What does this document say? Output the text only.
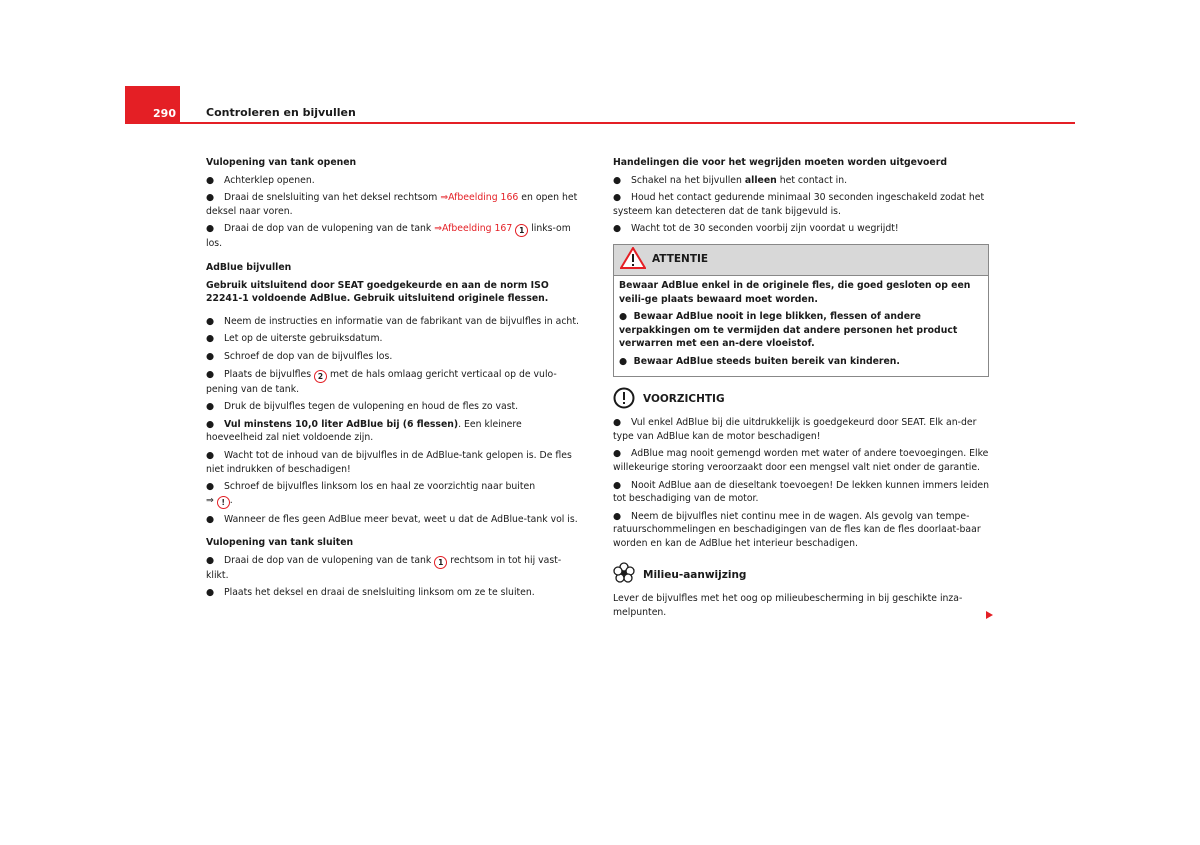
290	Controleren en bijvullen
Vulopening van tank openen
● Achterklep openen.
● Draai de snelsluiting van het deksel rechtsom ⇒Afbeelding 166 en open het deksel naar voren.
● Draai de dop van de vulopening van de tank ⇒Afbeelding 167 1 links-om los.
AdBlue bijvullen

Gebruik uitsluitend door SEAT goedgekeurde en aan de norm ISO 22241-1 voldoende AdBlue. Gebruik uitsluitend originele flessen.

● Neem de instructies en informatie van de fabrikant van de bijvulfles in acht.
● Let op de uiterste gebruiksdatum.
● Schroef de dop van de bijvulfles los.
● Plaats de bijvulfles 2 met de hals omlaag gericht verticaal op de vulo-pening van de tank.
● Druk de bijvulfles tegen de vulopening en houd de fles zo vast.
● Vul minstens 10,0 liter AdBlue bij (6 flessen). Een kleinere hoeveelheid zal niet voldoende zijn.
● Wacht tot de inhoud van de bijvulfles in de AdBlue-tank gelopen is. De fles niet indrukken of beschadigen!
● Schroef de bijvulfles linksom los en haal ze voorzichtig naar buiten
⇒ ! .
● Wanneer de fles geen AdBlue meer bevat, weet u dat de AdBlue-tank vol is.
Vulopening van tank sluiten
● Draai de dop van de vulopening van de tank 1 rechtsom in tot hij vast-klikt.
● Plaats het deksel en draai de snelsluiting linksom om ze te sluiten.
Handelingen die voor het wegrijden moeten worden uitgevoerd
● Schakel na het bijvullen alleen het contact in.
● Houd het contact gedurende minimaal 30 seconden ingeschakeld zodat het systeem kan detecteren dat de tank bijgevuld is.
● Wacht tot de 30 seconden voorbij zijn voordat u wegrijdt!
ATTENTIE

Bewaar AdBlue enkel in de originele fles, die goed gesloten op een veili-ge plaats bewaard moet worden.

● Bewaar AdBlue nooit in lege blikken, flessen of andere verpakkingen om te vermijden dat andere personen het product verwarren met een an-dere vloeistof.

● Bewaar AdBlue steeds buiten bereik van kinderen.

VOORZICHTIG
● Vul enkel AdBlue bij die uitdrukkelijk is goedgekeurd door SEAT. Elk an-der type van AdBlue kan de motor beschadigen!
● AdBlue mag nooit gemengd worden met water of andere toevoegingen. Elke willekeurige storing veroorzaakt door een mengsel valt niet onder de garantie.
● Nooit AdBlue aan de dieseltank toevoegen! De lekken kunnen immers leiden tot beschadiging van de motor.
● Neem de bijvulfles niet continu mee in de wagen. Als gevolg van tempe-ratuurschommelingen en beschadigingen van de fles kan de fles doorlaat-baar worden en kan de AdBlue het interieur beschadigen.
Milieu-aanwijzing

Lever de bijvulfles met het oog op milieubescherming in bij geschikte inza-melpunten.
